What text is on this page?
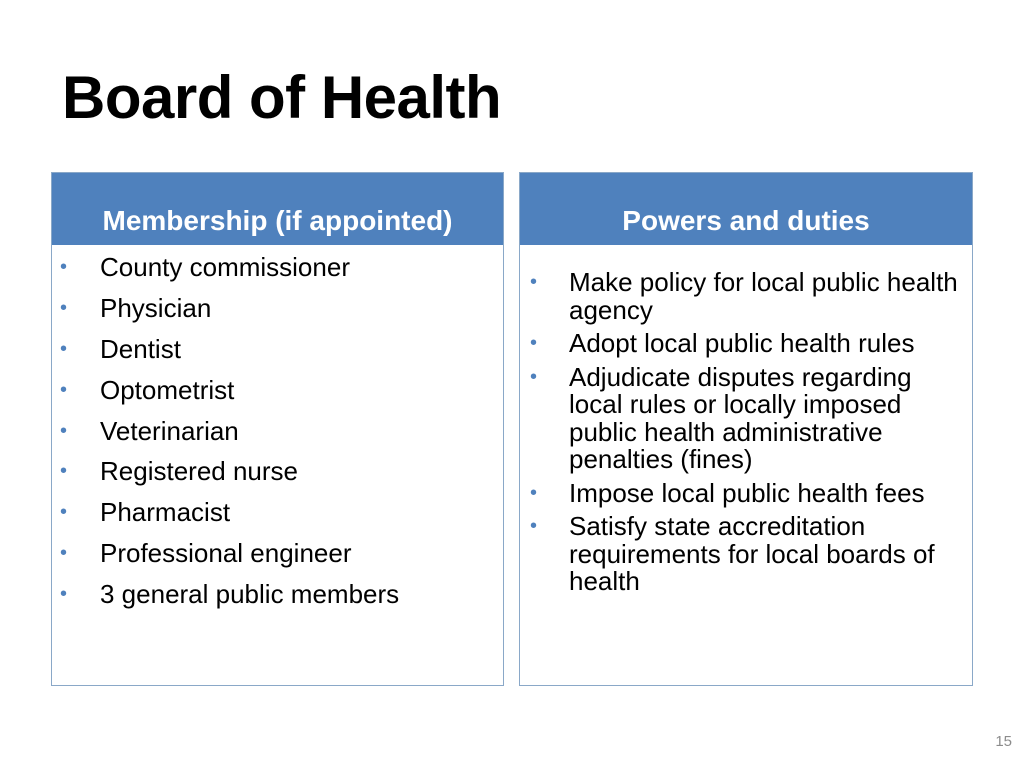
Board of Health
Membership (if appointed)
• County commissioner
• Physician
• Dentist
• Optometrist
• Veterinarian
• Registered nurse
• Pharmacist
• Professional engineer
• 3 general public members
Powers and duties
• Make policy for local public health agency
• Adopt local public health rules
• Adjudicate disputes regarding local rules or locally imposed public health administrative penalties (fines)
• Impose local public health fees
• Satisfy state accreditation requirements for local boards of health
15
